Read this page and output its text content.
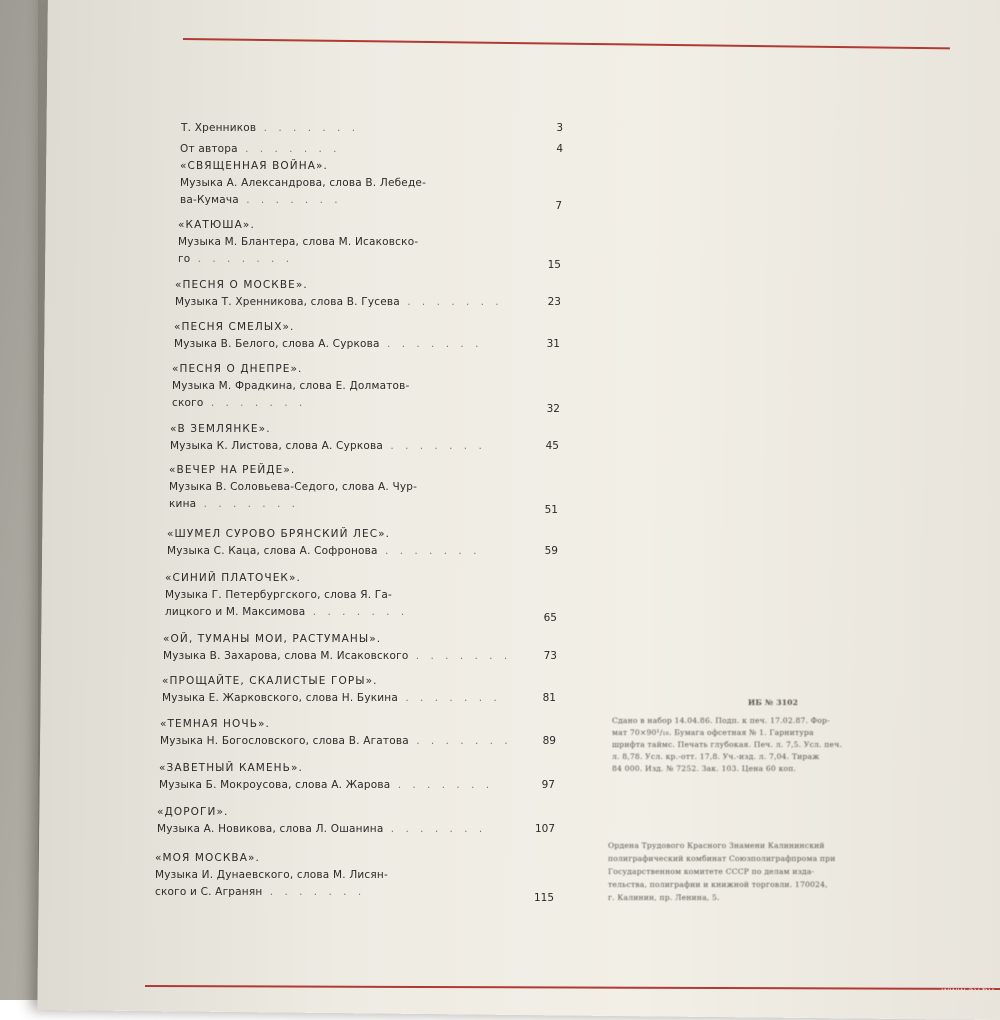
Т. Хренников . . . . . . .	3
От автора . . . . . . .	4
«СВЯЩЕННАЯ ВОЙНА».
Музыка А. Александрова, слова В. Лебеде-
ва-Кумача . . . . . . .	7
«КАТЮША».
Музыка М. Блантера, слова М. Исаковско-
го . . . . . . .	15
«ПЕСНЯ О МОСКВЕ».
Музыка Т. Хренникова, слова В. Гусева . . . . . . .	23
«ПЕСНЯ СМЕЛЫХ».
Музыка В. Белого, слова А. Суркова . . . . . . .	31
«ПЕСНЯ О ДНЕПРЕ».
Музыка М. Фрадкина, слова Е. Долматов-
ского . . . . . . .	32
«В ЗЕМЛЯНКЕ».
Музыка К. Листова, слова А. Суркова . . . . . . .	45
«ВЕЧЕР НА РЕЙДЕ».
Музыка В. Соловьева-Седого, слова А. Чур-
кина . . . . . . .	51
«ШУМЕЛ СУРОВО БРЯНСКИЙ ЛЕС».
Музыка С. Каца, слова А. Софронова . . . . . . .	59
«СИНИЙ ПЛАТОЧЕК».
Музыка Г. Петербургского, слова Я. Га-
лицкого и М. Максимова . . . . . . .	65
«ОЙ, ТУМАНЫ МОИ, РАСТУМАНЫ».
Музыка В. Захарова, слова М. Исаковского . . . . . . .	73
«ПРОЩАЙТЕ, СКАЛИСТЫЕ ГОРЫ».
Музыка Е. Жарковского, слова Н. Букина . . . . . . .	81
«ТЕМНАЯ НОЧЬ».
Музыка Н. Богословского, слова В. Агатова . . . . . . .	89
«ЗАВЕТНЫЙ КАМЕНЬ».
Музыка Б. Мокроусова, слова А. Жарова . . . . . . .	97
«ДОРОГИ».
Музыка А. Новикова, слова Л. Ошанина . . . . . . .	107
«МОЯ МОСКВА».
Музыка И. Дунаевского, слова М. Лисян-
ского и С. Агранян . . . . . . .	115
ИБ № 3102
Сдано в набор 14.04.86. Подп. к печ. 17.02.87. Фор-
мат 70×90¹/₁₆. Бумага офсетная № 1. Гарнитура
шрифта таймс. Печать глубокая. Печ. л. 7,5. Усл. печ.
л. 8,78. Усл. кр.-отт. 17,8. Уч.-изд. л. 7,04. Тираж
84 000. Изд. № 7252. Зак. 103. Цена 60 коп.
Ордена Трудового Красного Знамени Калининский
полиграфический комбинат Союзполиграфпрома при
Государственном комитете СССР по делам изда-
тельства, полиграфии и книжной торговли. 170024,
г. Калинин, пр. Ленина, 5.
www.ay.by
